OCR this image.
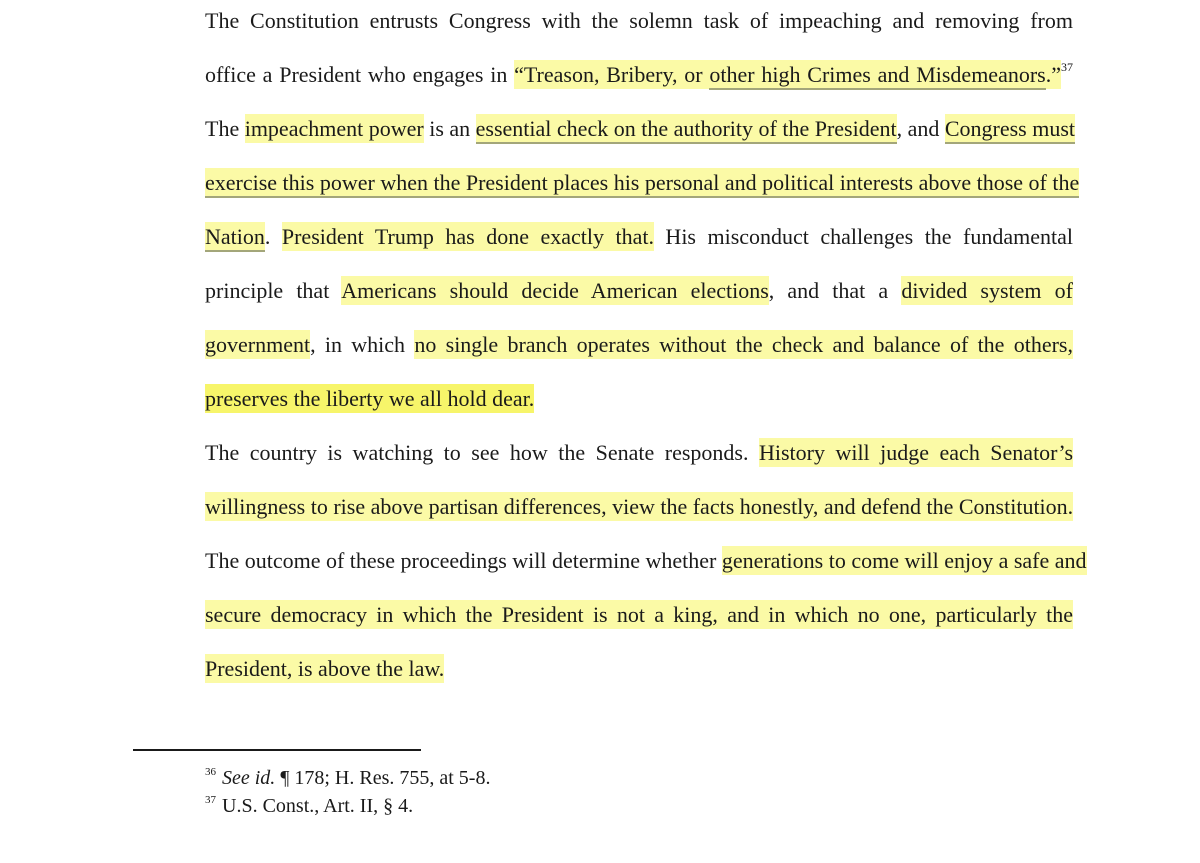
The Constitution entrusts Congress with the solemn task of impeaching and removing from
office a President who engages in “Treason, Bribery, or other high Crimes and Misdemeanors.”$^{37}$
The impeachment power is an essential check on the authority of the President, and Congress must
exercise this power when the President places his personal and political interests above those of the
Nation. President Trump has done exactly that. His misconduct challenges the fundamental
principle that Americans should decide American elections, and that a divided system of
government, in which no single branch operates without the check and balance of the others,
preserves the liberty we all hold dear.

The country is watching to see how the Senate responds. History will judge each Senator’s
willingness to rise above partisan differences, view the facts honestly, and defend the Constitution.
The outcome of these proceedings will determine whether generations to come will enjoy a safe and
secure democracy in which the President is not a king, and in which no one, particularly the
President, is above the law.

$^{36}$ See id. ¶ 178; H. Res. 755, at 5-8.
$^{37}$ U.S. Const., Art. II, § 4.
